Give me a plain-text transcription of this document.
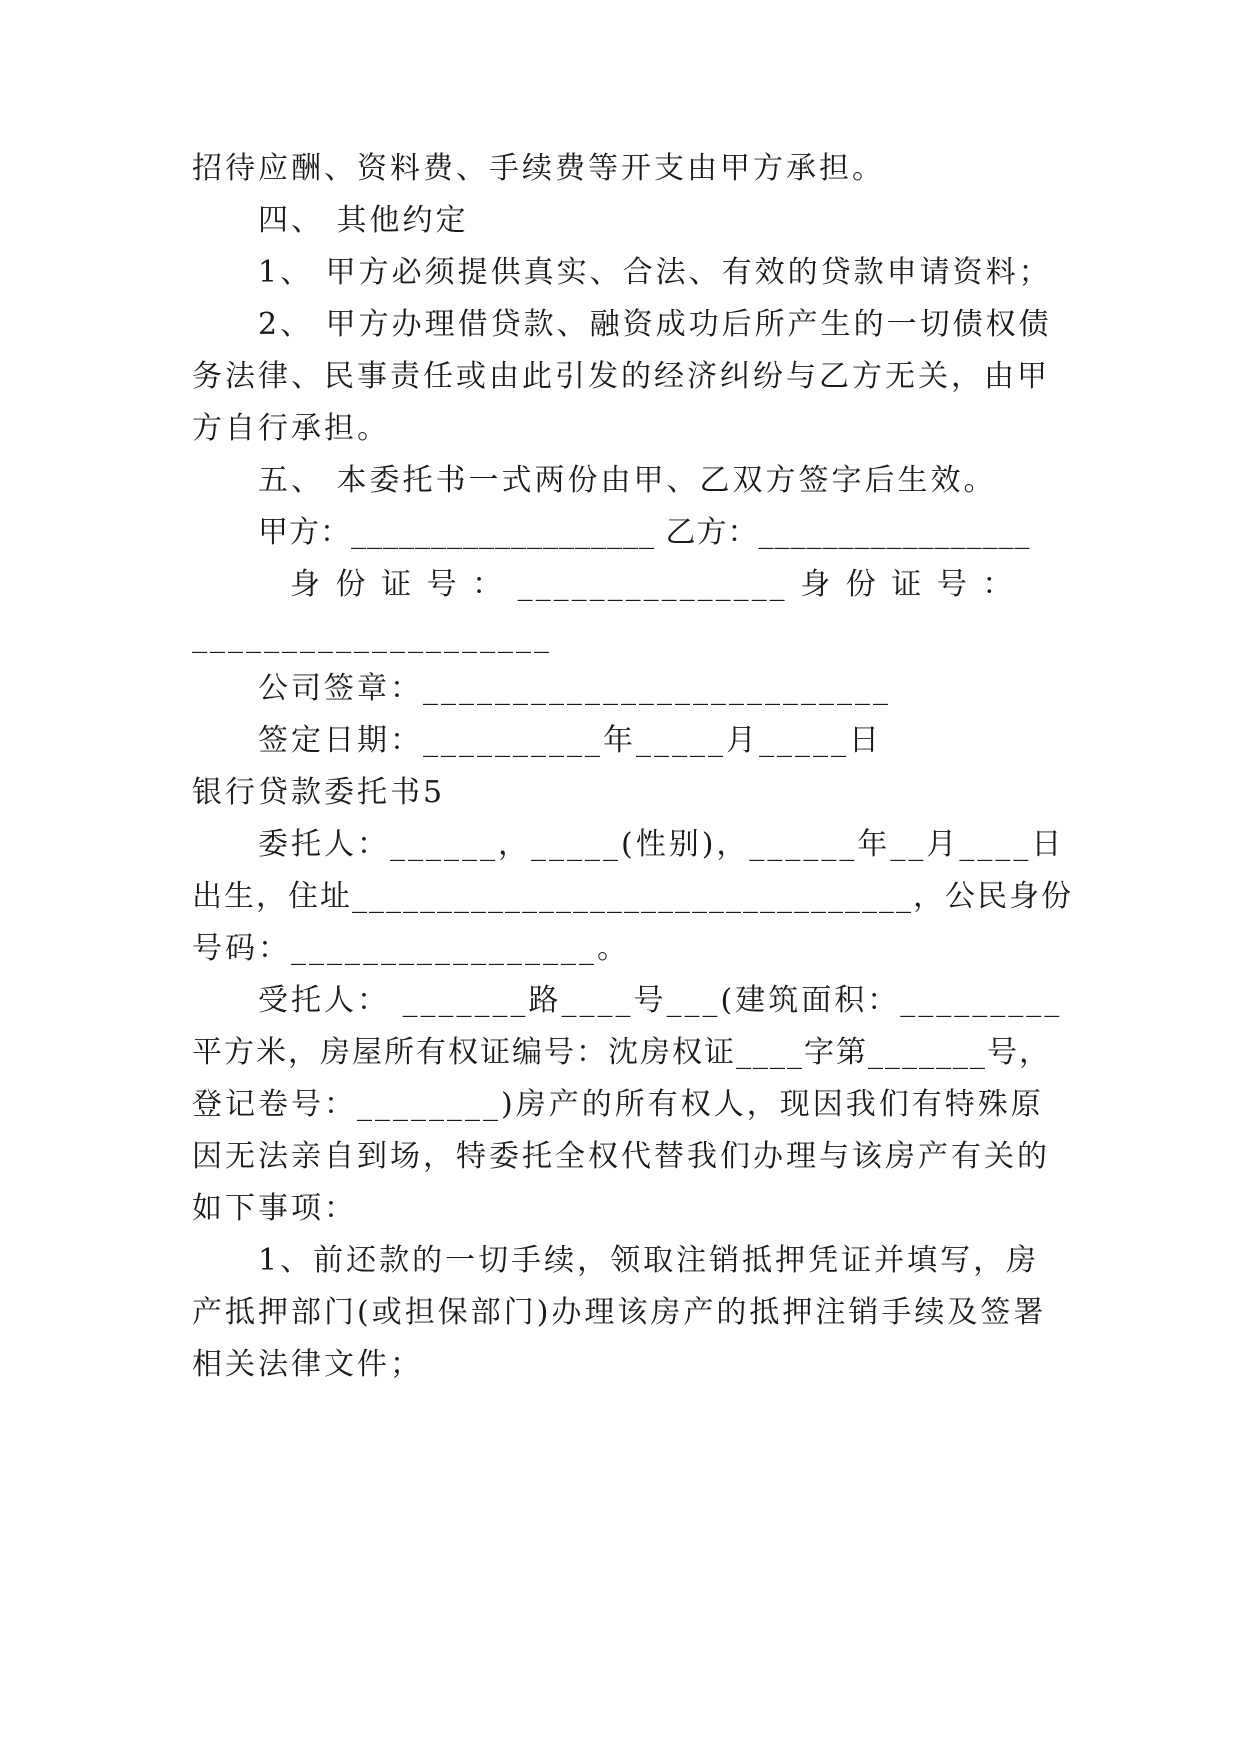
招待应酬、资料费、手续费等开支由甲方承担。
四、 其他约定
1、 甲方必须提供真实、合法、有效的贷款申请资料；
2、 甲方办理借贷款、融资成功后所产生的一切债权债
务法律、民事责任或由此引发的经济纠纷与乙方无关，由甲
方自行承担。
五、 本委托书一式两份由甲、乙双方签字后生效。
甲方：___________________ 乙方：_________________
身 份 证 号 ： _______________ 身 份 证 号 ：
____________________
公司签章：__________________________
签定日期：__________年_____月_____日
银行贷款委托书5
委托人：______，_____(性别)，______年__月____日
出生，住址_________________________________，公民身份
号码：_________________。
受托人： _______路____号___(建筑面积：_________
平方米，房屋所有权证编号：沈房权证____字第_______号，
登记卷号：________)房产的所有权人，现因我们有特殊原
因无法亲自到场，特委托全权代替我们办理与该房产有关的
如下事项：
1、前还款的一切手续，领取注销抵押凭证并填写，房
产抵押部门(或担保部门)办理该房产的抵押注销手续及签署
相关法律文件；
